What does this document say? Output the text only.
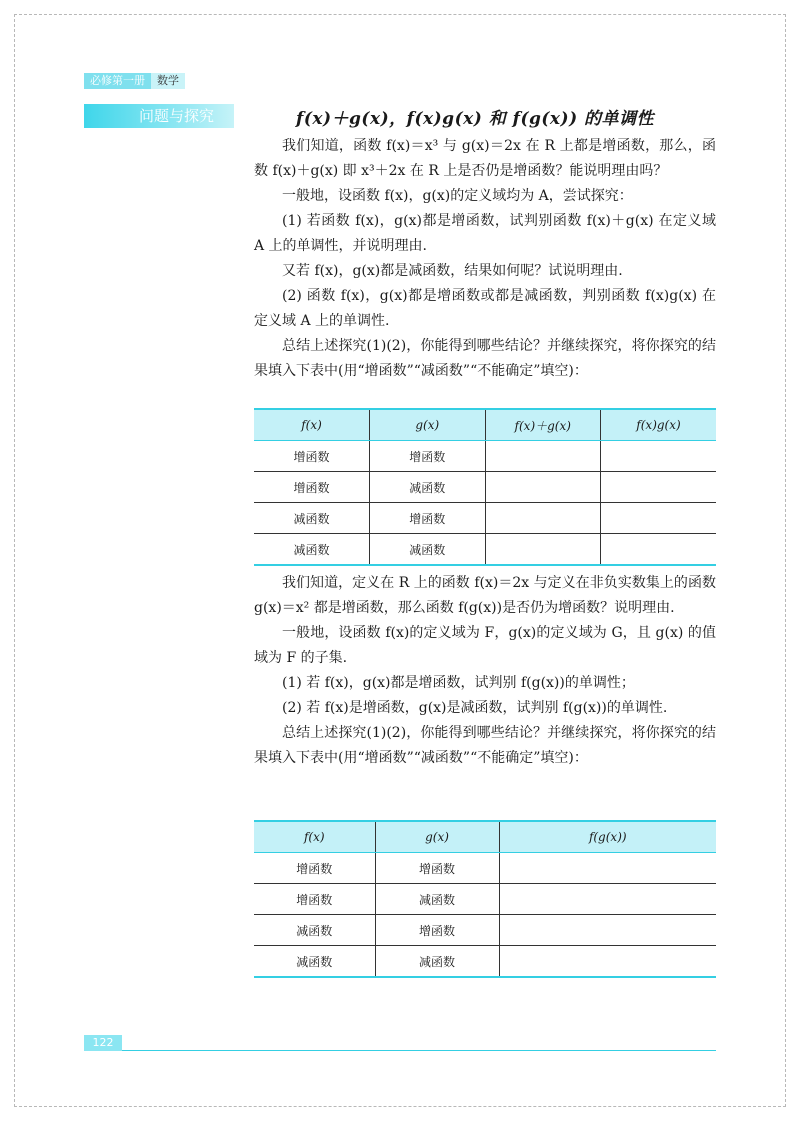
必修第一册	数学
问题与探究	f(x)＋g(x)，f(x)g(x) 和 f(g(x)) 的单调性

我们知道，函数 f(x)＝x³ 与 g(x)＝2x 在 R 上都是增函数，那么，函数 f(x)＋g(x) 即 x³＋2x 在 R 上是否仍是增函数？能说明理由吗？

一般地，设函数 f(x)，g(x)的定义域均为 A，尝试探究：

(1) 若函数 f(x)，g(x)都是增函数，试判别函数 f(x)＋g(x) 在定义域 A 上的单调性，并说明理由.

又若 f(x)，g(x)都是减函数，结果如何呢？试说明理由.

(2) 函数 f(x)，g(x)都是增函数或都是减函数，判别函数 f(x)g(x) 在定义域 A 上的单调性.

总结上述探究(1)(2)，你能得到哪些结论？并继续探究，将你探究的结果填入下表中(用“增函数”“减函数”“不能确定”填空)：

f(x)	g(x)	f(x)＋g(x)	f(x)g(x)
增函数	增函数		
增函数	减函数		
减函数	增函数		
减函数	减函数		

我们知道，定义在 R 上的函数 f(x)＝2x 与定义在非负实数集上的函数 g(x)＝x² 都是增函数，那么函数 f(g(x))是否仍为增函数？说明理由.

一般地，设函数 f(x)的定义域为 F，g(x)的定义域为 G，且 g(x) 的值域为 F 的子集.

(1) 若 f(x)，g(x)都是增函数，试判别 f(g(x))的单调性；

(2) 若 f(x)是增函数，g(x)是减函数，试判别 f(g(x))的单调性.

总结上述探究(1)(2)，你能得到哪些结论？并继续探究，将你探究的结果填入下表中(用“增函数”“减函数”“不能确定”填空)：

f(x)	g(x)	f(g(x))
增函数	增函数	
增函数	减函数	
减函数	增函数	
减函数	减函数	
122
